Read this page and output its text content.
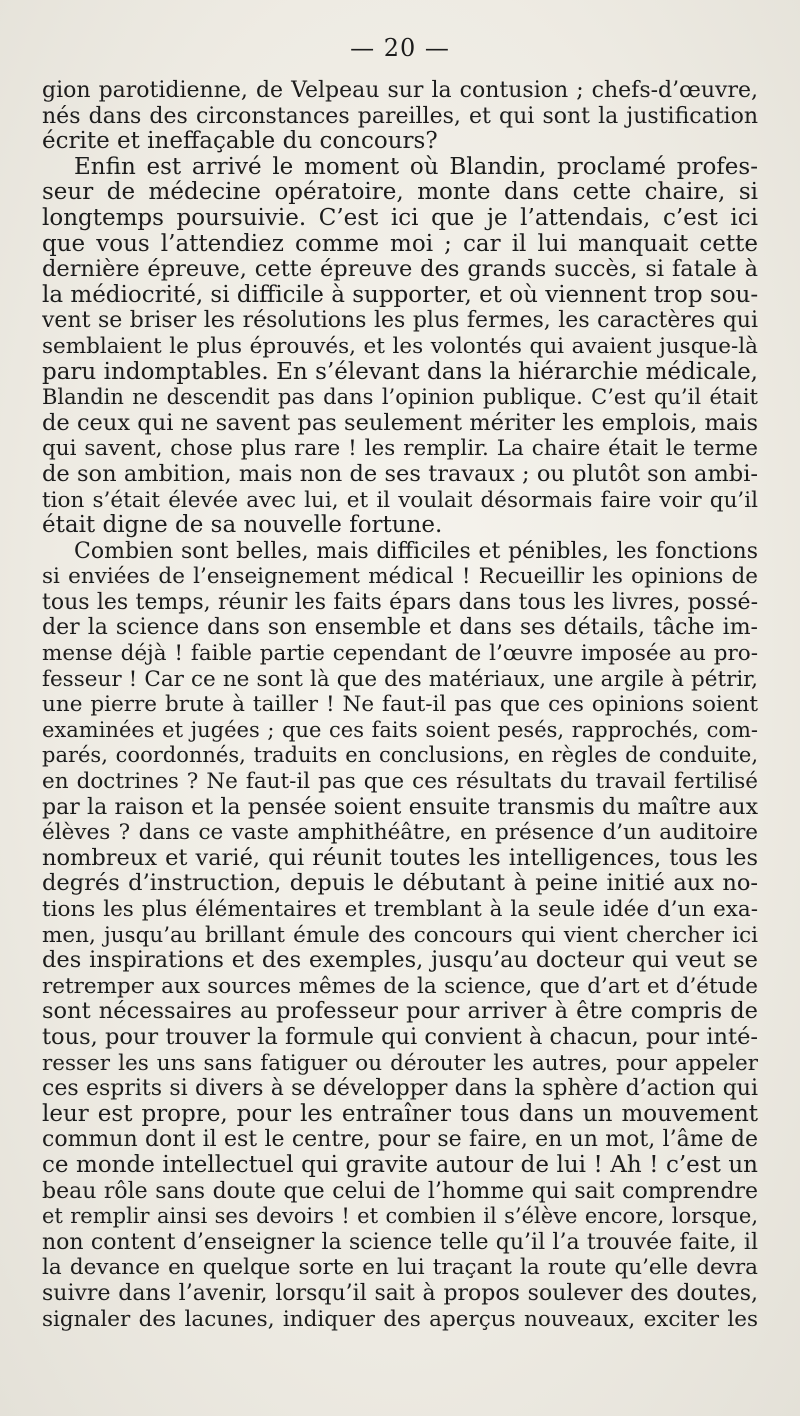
— 20 —
gion parotidienne, de Velpeau sur la contusion ; chefs-d’œuvre,
nés dans des circonstances pareilles, et qui sont la justification
écrite et ineffaçable du concours?
Enfin est arrivé le moment où Blandin, proclamé profes-
seur de médecine opératoire, monte dans cette chaire, si
longtemps poursuivie. C’est ici que je l’attendais, c’est ici
que vous l’attendiez comme moi ; car il lui manquait cette
dernière épreuve, cette épreuve des grands succès, si fatale à
la médiocrité, si difficile à supporter, et où viennent trop sou-
vent se briser les résolutions les plus fermes, les caractères qui
semblaient le plus éprouvés, et les volontés qui avaient jusque-là
paru indomptables. En s’élevant dans la hiérarchie médicale,
Blandin ne descendit pas dans l’opinion publique. C’est qu’il était
de ceux qui ne savent pas seulement mériter les emplois, mais
qui savent, chose plus rare ! les remplir. La chaire était le terme
de son ambition, mais non de ses travaux ; ou plutôt son ambi-
tion s’était élevée avec lui, et il voulait désormais faire voir qu’il
était digne de sa nouvelle fortune.
Combien sont belles, mais difficiles et pénibles, les fonctions
si enviées de l’enseignement médical ! Recueillir les opinions de
tous les temps, réunir les faits épars dans tous les livres, possé-
der la science dans son ensemble et dans ses détails, tâche im-
mense déjà ! faible partie cependant de l’œuvre imposée au pro-
fesseur ! Car ce ne sont là que des matériaux, une argile à pétrir,
une pierre brute à tailler ! Ne faut-il pas que ces opinions soient
examinées et jugées ; que ces faits soient pesés, rapprochés, com-
parés, coordonnés, traduits en conclusions, en règles de conduite,
en doctrines ? Ne faut-il pas que ces résultats du travail fertilisé
par la raison et la pensée soient ensuite transmis du maître aux
élèves ? dans ce vaste amphithéâtre, en présence d’un auditoire
nombreux et varié, qui réunit toutes les intelligences, tous les
degrés d’instruction, depuis le débutant à peine initié aux no-
tions les plus élémentaires et tremblant à la seule idée d’un exa-
men, jusqu’au brillant émule des concours qui vient chercher ici
des inspirations et des exemples, jusqu’au docteur qui veut se
retremper aux sources mêmes de la science, que d’art et d’étude
sont nécessaires au professeur pour arriver à être compris de
tous, pour trouver la formule qui convient à chacun, pour inté-
resser les uns sans fatiguer ou dérouter les autres, pour appeler
ces esprits si divers à se développer dans la sphère d’action qui
leur est propre, pour les entraîner tous dans un mouvement
commun dont il est le centre, pour se faire, en un mot, l’âme de
ce monde intellectuel qui gravite autour de lui ! Ah ! c’est un
beau rôle sans doute que celui de l’homme qui sait comprendre
et remplir ainsi ses devoirs ! et combien il s’élève encore, lorsque,
non content d’enseigner la science telle qu’il l’a trouvée faite, il
la devance en quelque sorte en lui traçant la route qu’elle devra
suivre dans l’avenir, lorsqu’il sait à propos soulever des doutes,
signaler des lacunes, indiquer des aperçus nouveaux, exciter les
